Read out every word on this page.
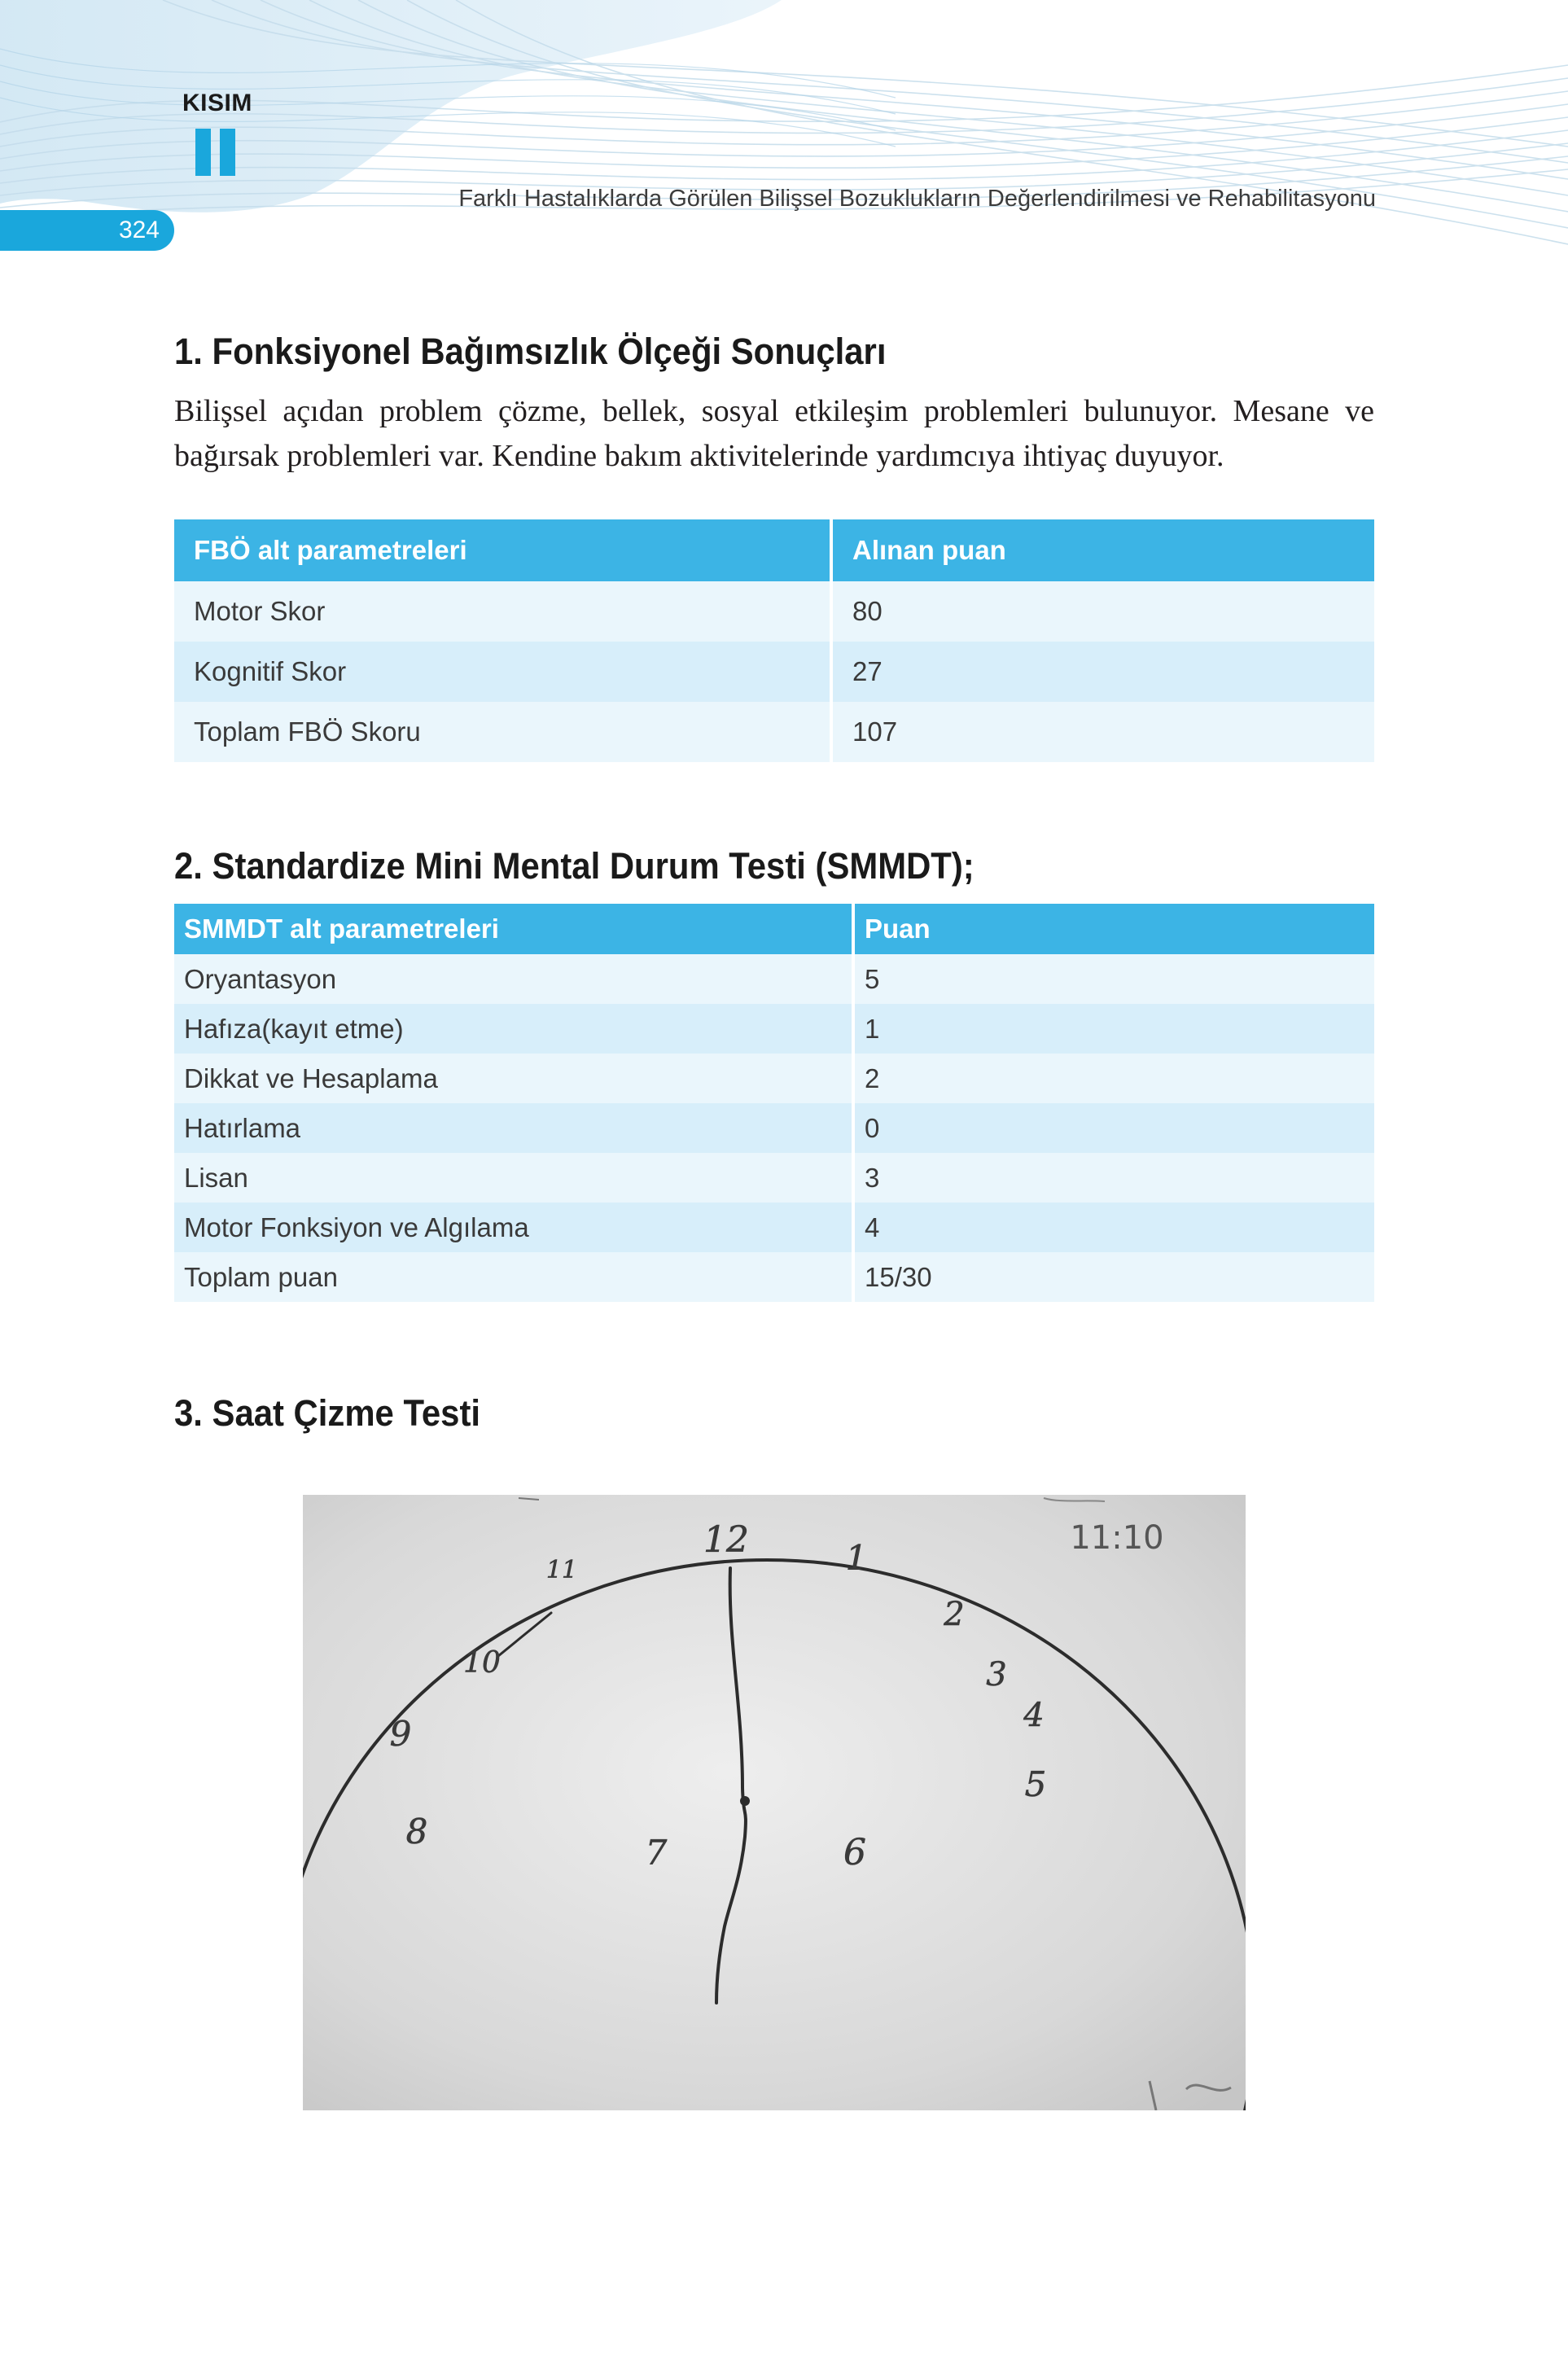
KISIM
324
Farklı Hastalıklarda Görülen Bilişsel Bozuklukların Değerlendirilmesi ve Rehabilitasyonu
1. Fonksiyonel Bağımsızlık Ölçeği Sonuçları

Bilişsel açıdan problem çözme, bellek, sosyal etkileşim problemleri bulunuyor. Mesane ve bağırsak problemleri var. Kendine bakım aktivitelerinde yardımcıya ihtiyaç duyuyor.

FBÖ alt parametreleri	Alınan puan
Motor Skor	80
Kognitif Skor	27
Toplam FBÖ Skoru	107
2. Standardize Mini Mental Durum Testi (SMMDT);
SMMDT alt parametreleri	Puan
Oryantasyon	5
Hafıza(kayıt etme)	1
Dikkat ve Hesaplama	2
Hatırlama	0
Lisan	3
Motor Fonksiyon ve Algılama	4
Toplam puan	15/30
3. Saat Çizme Testi
11:10
12	1
2
3
4
5
6
7
8
9
10
11
